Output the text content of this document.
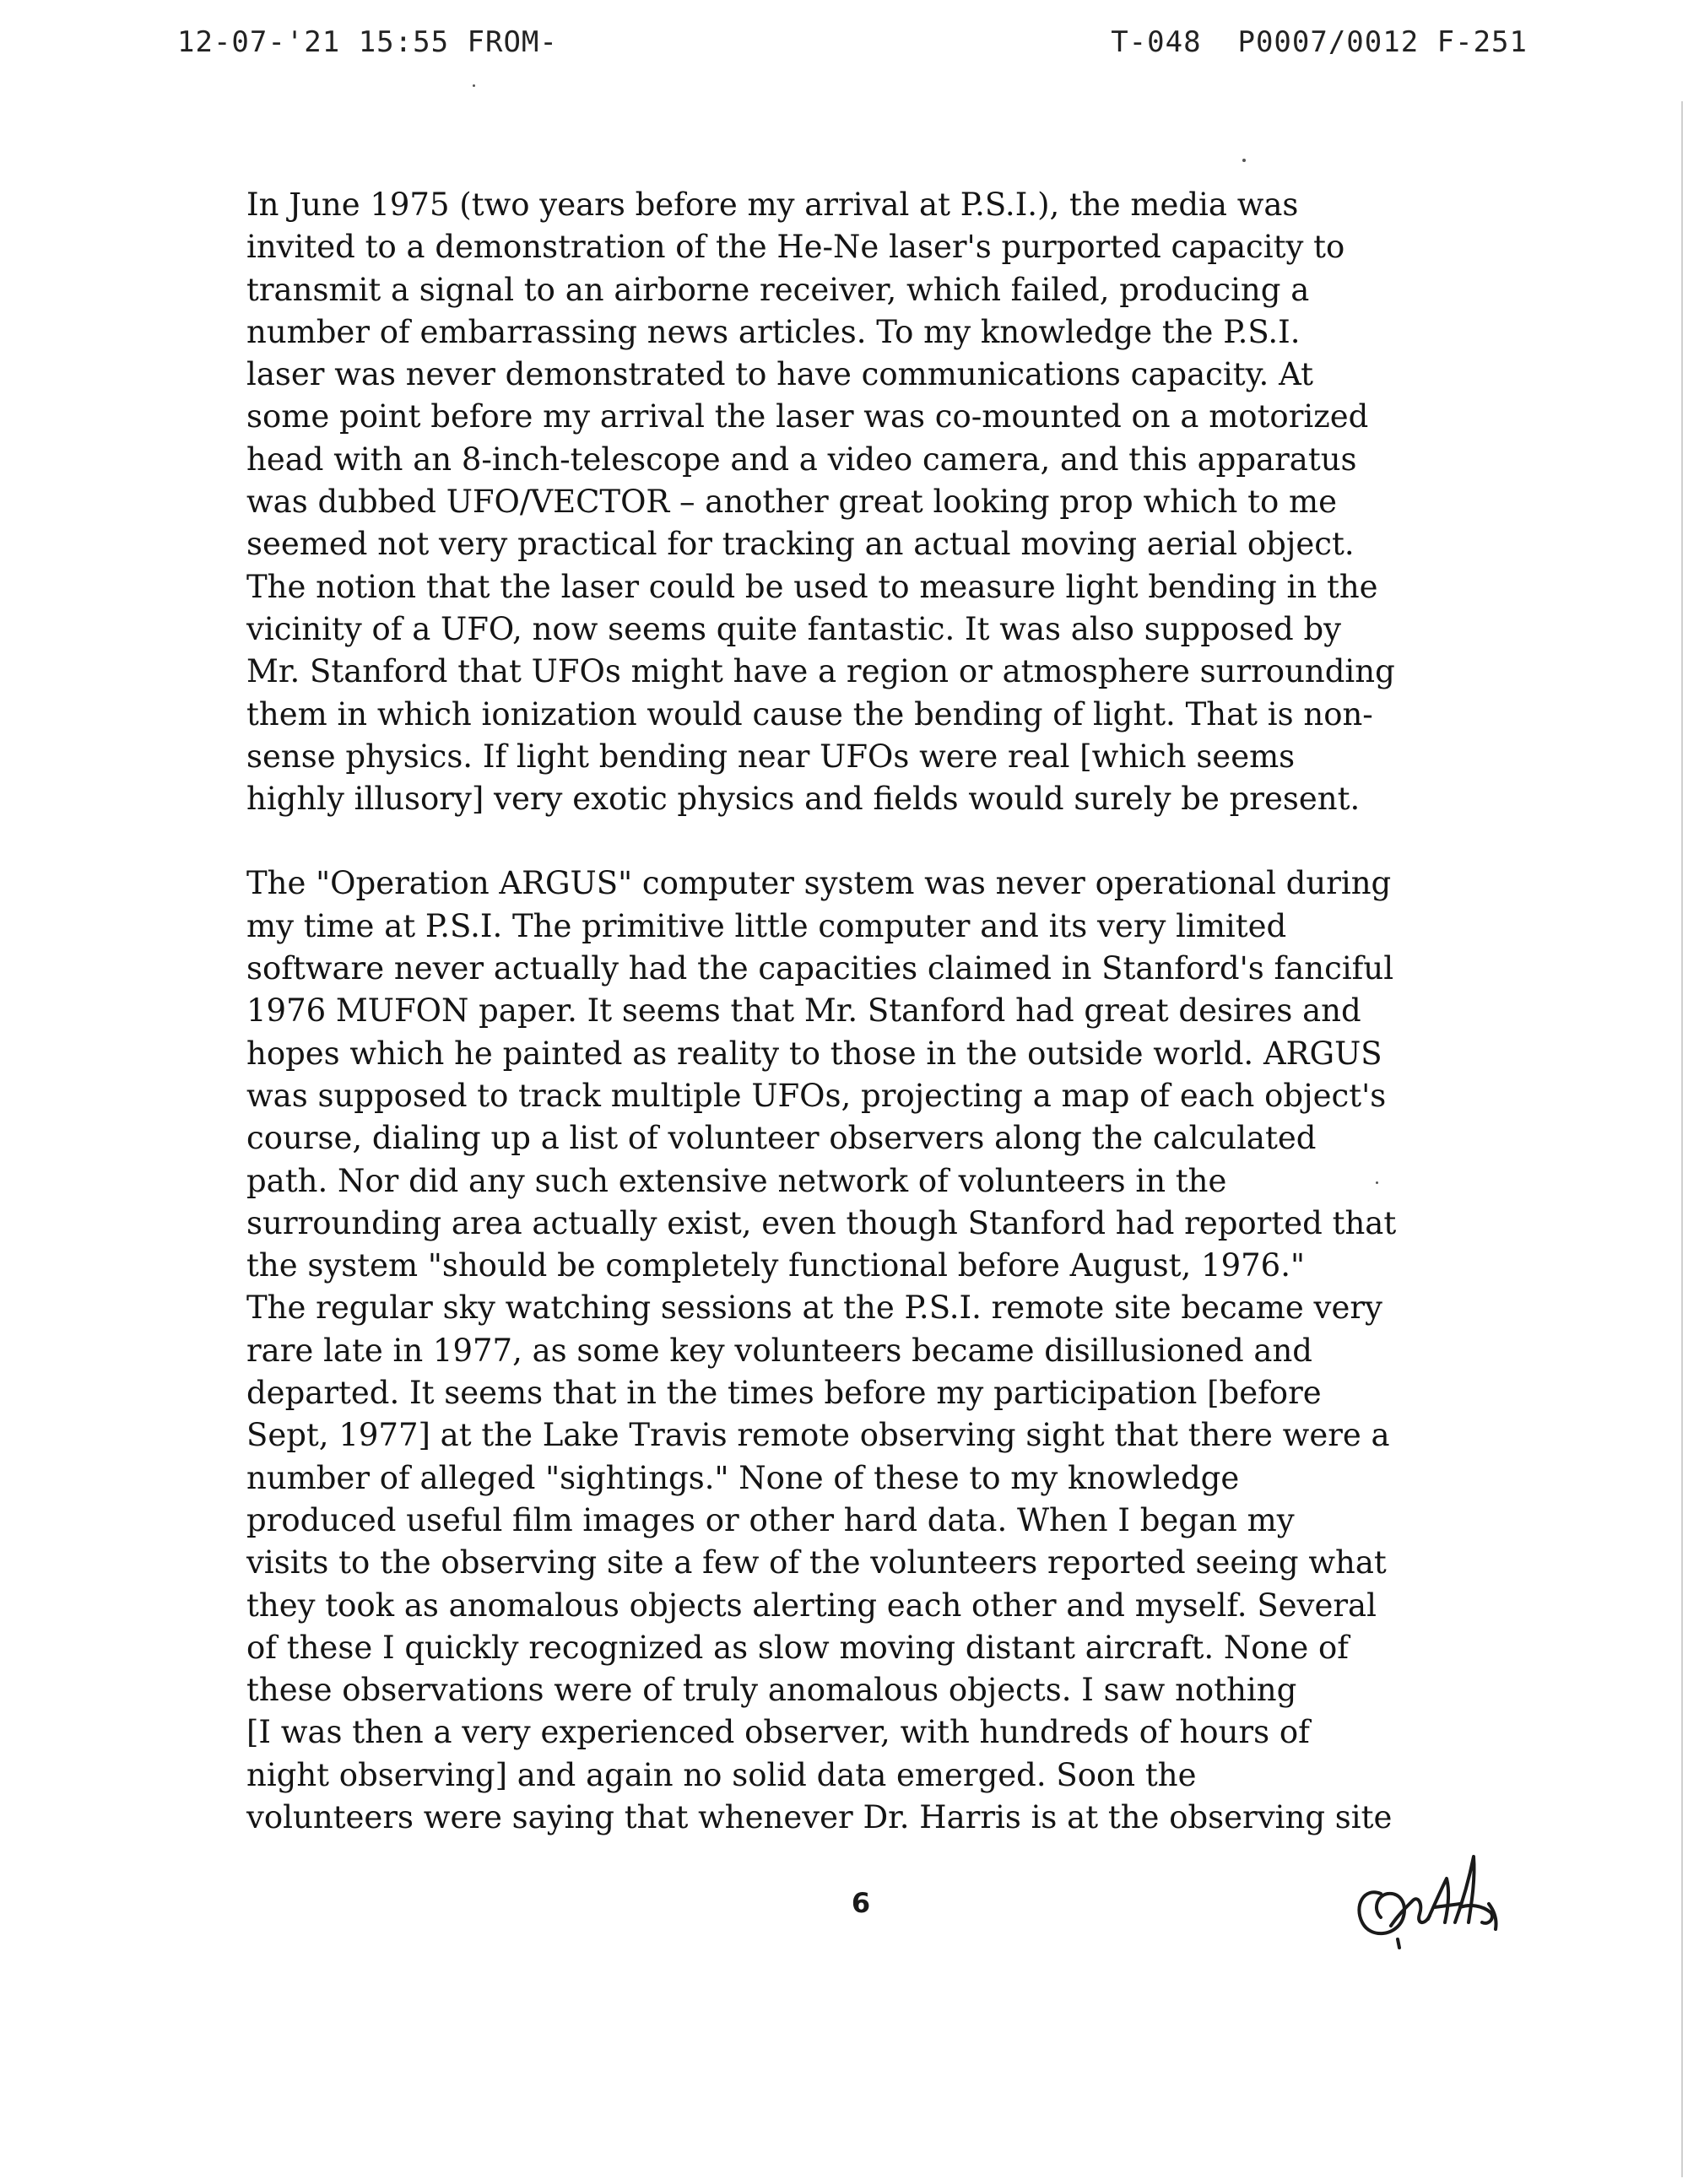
12-07-'21 15:55 FROM-	T-048  P0007/0012 F-251
In June 1975 (two years before my arrival at P.S.I.), the media was
invited to a demonstration of the He-Ne laser's purported capacity to
transmit a signal to an airborne receiver, which failed, producing a
number of embarrassing news articles. To my knowledge the P.S.I.
laser was never demonstrated to have communications capacity. At
some point before my arrival the laser was co-mounted on a motorized
head with an 8-inch-telescope and a video camera, and this apparatus
was dubbed UFO/VECTOR – another great looking prop which to me
seemed not very practical for tracking an actual moving aerial object.
The notion that the laser could be used to measure light bending in the
vicinity of a UFO, now seems quite fantastic. It was also supposed by
Mr. Stanford that UFOs might have a region or atmosphere surrounding
them in which ionization would cause the bending of light. That is non-
sense physics. If light bending near UFOs were real [which seems
highly illusory] very exotic physics and fields would surely be present.
The "Operation ARGUS" computer system was never operational during
my time at P.S.I. The primitive little computer and its very limited
software never actually had the capacities claimed in Stanford's fanciful
1976 MUFON paper. It seems that Mr. Stanford had great desires and
hopes which he painted as reality to those in the outside world. ARGUS
was supposed to track multiple UFOs, projecting a map of each object's
course, dialing up a list of volunteer observers along the calculated
path. Nor did any such extensive network of volunteers in the
surrounding area actually exist, even though Stanford had reported that
the system "should be completely functional before August, 1976."
The regular sky watching sessions at the P.S.I. remote site became very
rare late in 1977, as some key volunteers became disillusioned and
departed. It seems that in the times before my participation [before
Sept, 1977] at the Lake Travis remote observing sight that there were a
number of alleged "sightings." None of these to my knowledge
produced useful film images or other hard data. When I began my
visits to the observing site a few of the volunteers reported seeing what
they took as anomalous objects alerting each other and myself. Several
of these I quickly recognized as slow moving distant aircraft. None of
these observations were of truly anomalous objects. I saw nothing
[I was then a very experienced observer, with hundreds of hours of
night observing] and again no solid data emerged. Soon the
volunteers were saying that whenever Dr. Harris is at the observing site
6
